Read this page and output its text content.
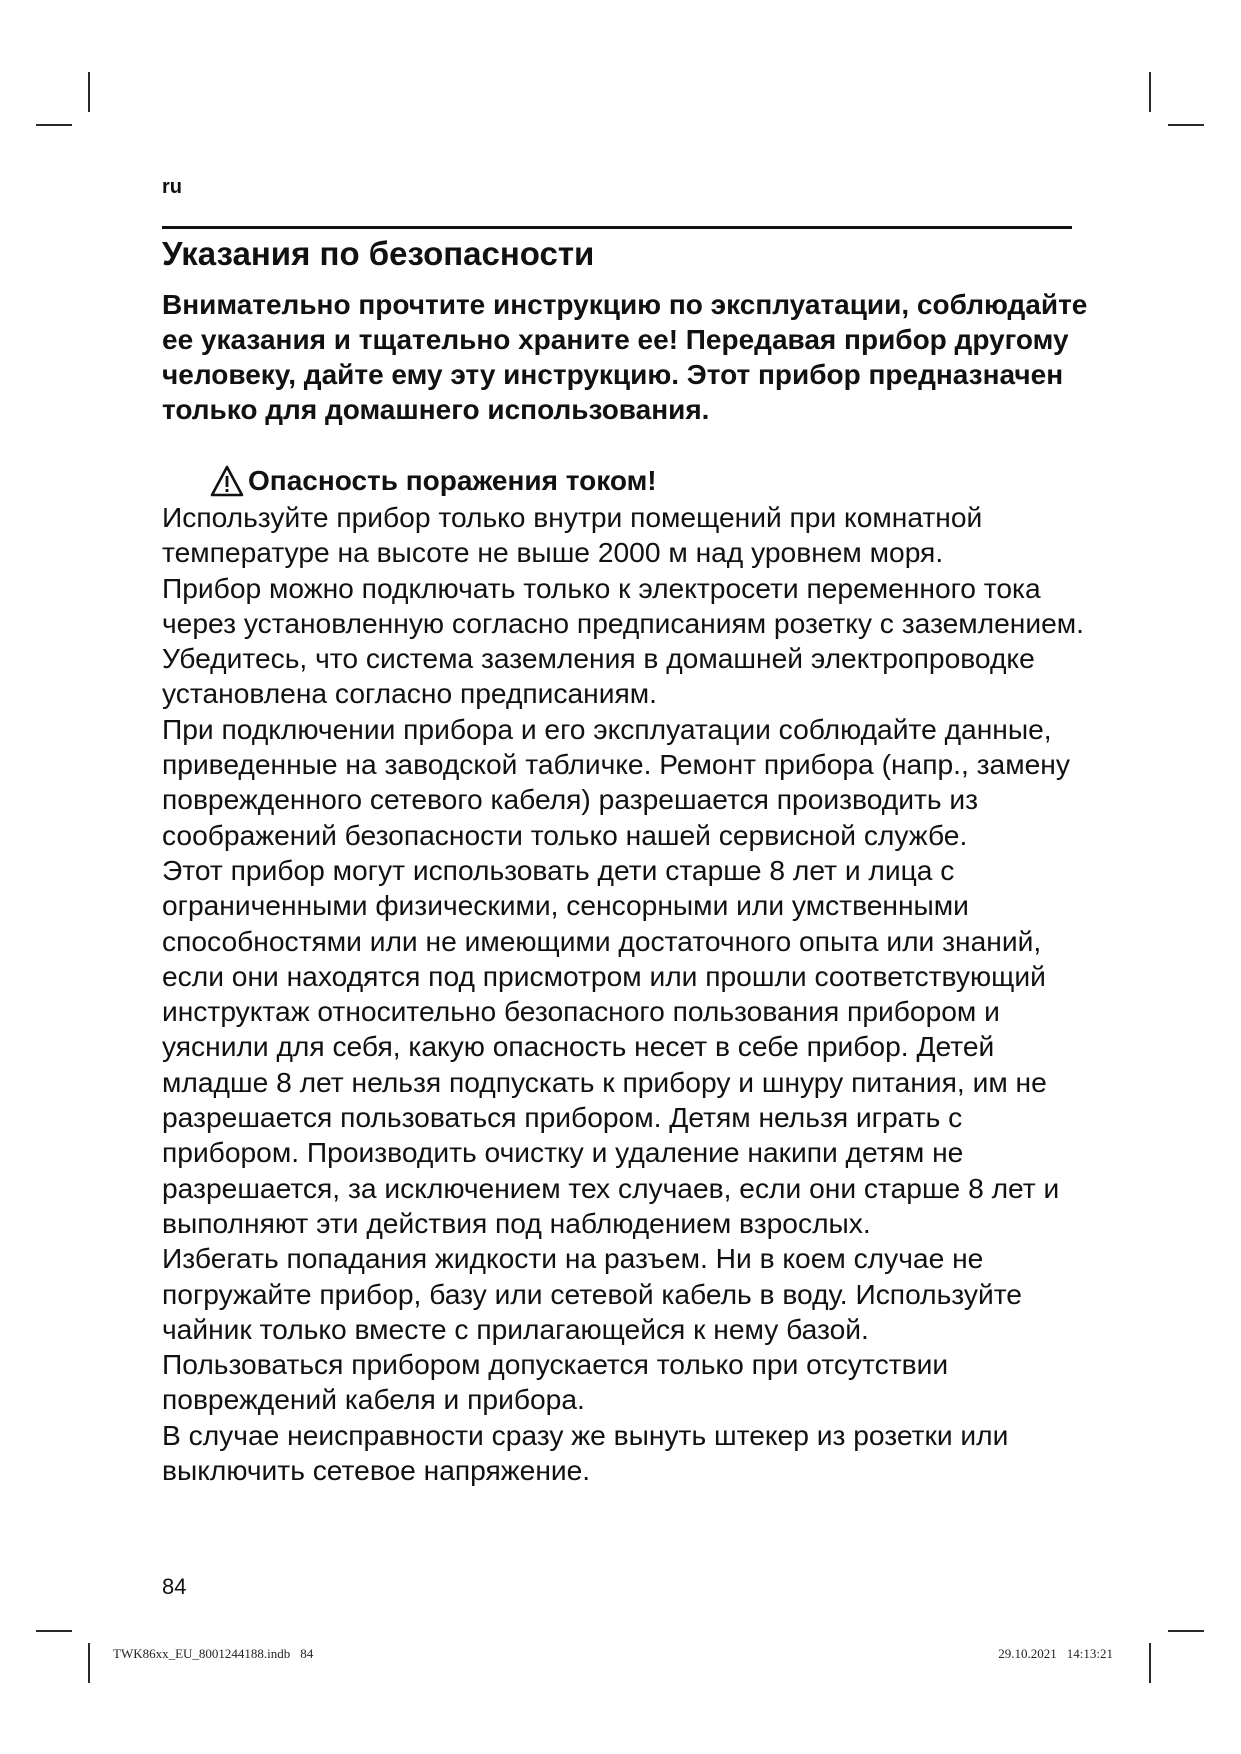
ru
Указания по безопасности

Внимательно прочтите инструкцию по эксплуатации, соблюдайте ее указания и тщательно храните ее! Передавая прибор другому человеку, дайте ему эту инструкцию. Этот прибор предназначен только для домашнего использования.

Опасность поражения током!

Используйте прибор только внутри помещений при комнатной температуре на высоте не выше 2000 м над уровнем моря.

Прибор можно подключать только к электросети переменного тока через установленную согласно предписаниям розетку с заземлением. Убедитесь, что система заземления в домашней электропроводке установлена согласно предписаниям.

При подключении прибора и его эксплуатации соблюдайте данные, приведенные на заводской табличке. Ремонт прибора (напр., замену поврежденного сетевого кабеля) разрешается производить из соображений безопасности только нашей сервисной службе.

Этот прибор могут использовать дети старше 8 лет и лица с ограниченными физическими, сенсорными или умственными способностями или не имеющими достаточного опыта или знаний, если они находятся под присмотром или прошли соответствующий инструктаж относительно безопасного пользования прибором и уяснили для себя, какую опасность несет в себе прибор. Детей младше 8 лет нельзя подпускать к прибору и шнуру питания, им не разрешается пользоваться прибором. Детям нельзя играть с прибором. Производить очистку и удаление накипи детям не разрешается, за исключением тех случаев, если они старше 8 лет и выполняют эти действия под наблюдением взрослых.

Избегать попадания жидкости на разъем. Ни в коем случае не погружайте прибор, базу или сетевой кабель в воду. Используйте чайник только вместе с прилагающейся к нему базой.

Пользоваться прибором допускается только при отсутствии повреждений кабеля и прибора.

В случае неисправности сразу же вынуть штекер из розетки или выключить сетевое напряжение.

84
TWK86xx_EU_8001244188.indb 84	29.10.2021 14:13:21
